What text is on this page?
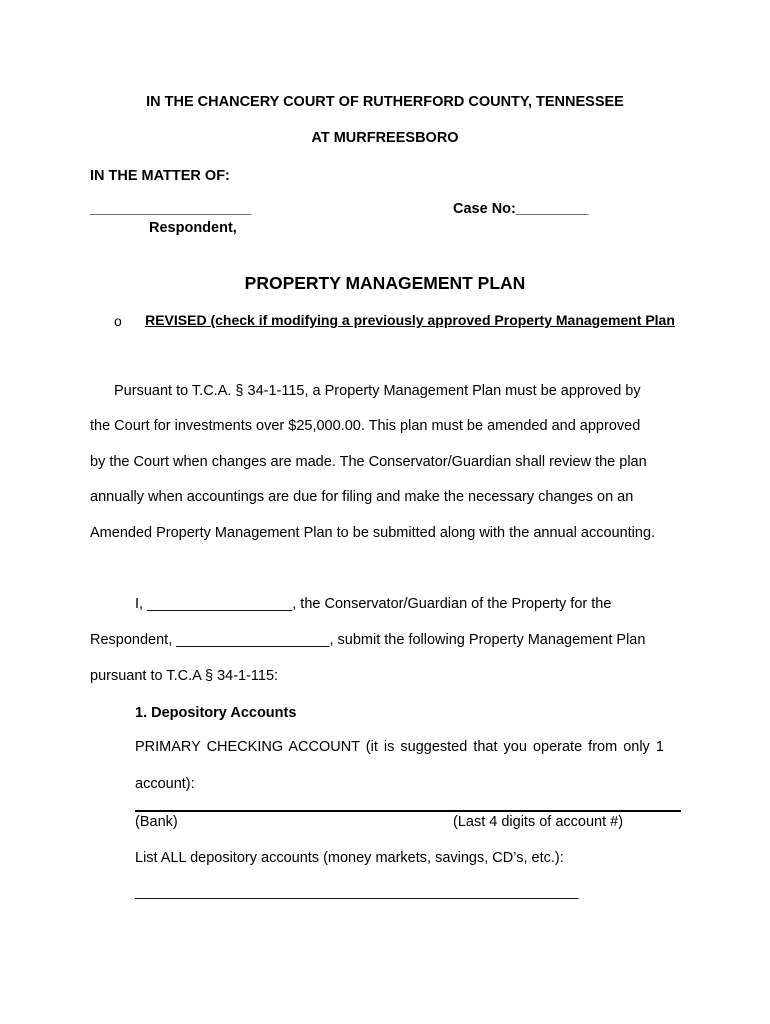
IN THE CHANCERY COURT OF RUTHERFORD COUNTY, TENNESSEE
AT MURFREESBORO
IN THE MATTER OF:
____________________	Case No:_________
Respondent,
PROPERTY MANAGEMENT PLAN
o	REVISED (check if modifying a previously approved Property Management Plan
Pursuant to T.C.A. § 34-1-115, a Property Management Plan must be approved by
the Court for investments over $25,000.00. This plan must be amended and approved
by the Court when changes are made. The Conservator/Guardian shall review the plan
annually when accountings are due for filing and make the necessary changes on an
Amended Property Management Plan to be submitted along with the annual accounting.
I, __________________, the Conservator/Guardian of the Property for the
Respondent, ___________________, submit the following Property Management Plan
pursuant to T.C.A § 34-1-115:
1. Depository Accounts
PRIMARY CHECKING ACCOUNT (it is suggested that you operate from only 1
account):
(Bank)	(Last 4 digits of account #)
List ALL depository accounts (money markets, savings, CD’s, etc.):
_______________________________________________________
